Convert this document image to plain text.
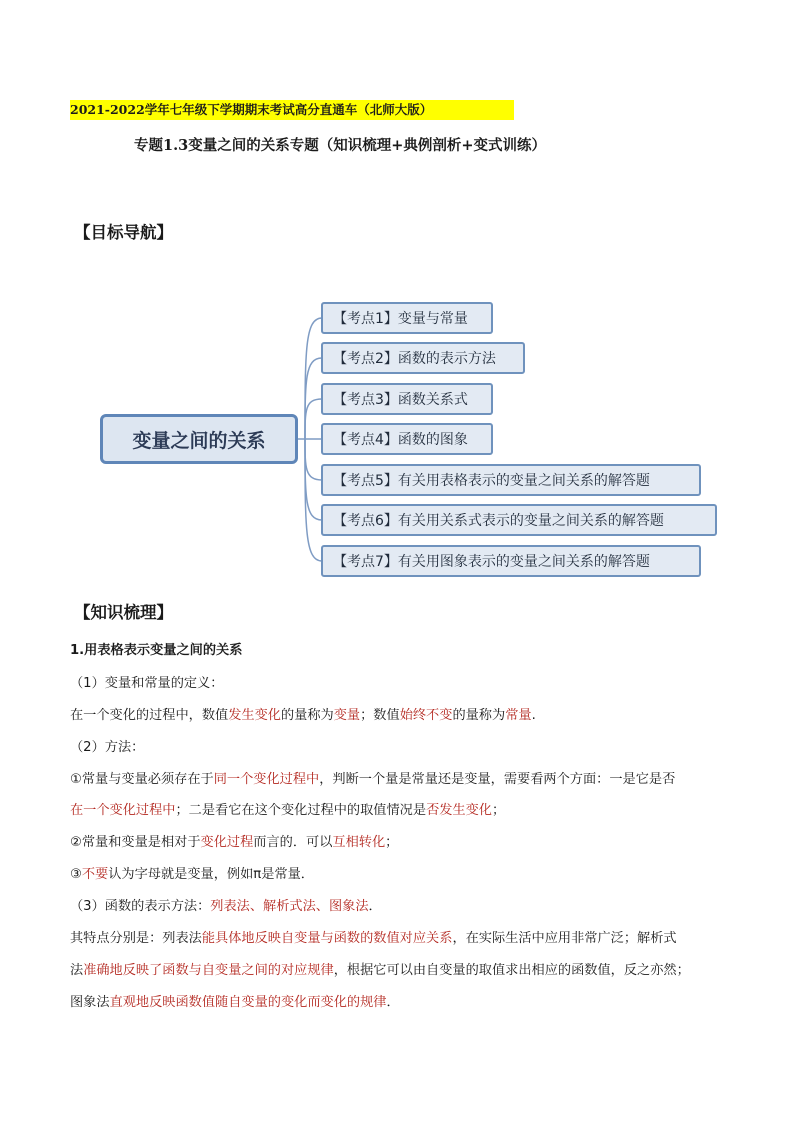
2021-2022学年七年级下学期期末考试高分直通车（北师大版）
专题1.3变量之间的关系专题（知识梳理+典例剖析+变式训练）
【目标导航】
变量之间的关系
【考点1】变量与常量
【考点2】函数的表示方法
【考点3】函数关系式
【考点4】函数的图象
【考点5】有关用表格表示的变量之间关系的解答题
【考点6】有关用关系式表示的变量之间关系的解答题
【考点7】有关用图象表示的变量之间关系的解答题
【知识梳理】
1.用表格表示变量之间的关系
（1）变量和常量的定义：
在一个变化的过程中，数值发生变化的量称为变量；数值始终不变的量称为常量.
（2）方法：
①常量与变量必须存在于同一个变化过程中，判断一个量是常量还是变量，需要看两个方面：一是它是否
在一个变化过程中；二是看它在这个变化过程中的取值情况是否发生变化；
②常量和变量是相对于变化过程而言的．可以互相转化；
③不要认为字母就是变量，例如π是常量．
（3）函数的表示方法：列表法、解析式法、图象法．
其特点分别是：列表法能具体地反映自变量与函数的数值对应关系，在实际生活中应用非常广泛；解析式
法准确地反映了函数与自变量之间的对应规律，根据它可以由自变量的取值求出相应的函数值，反之亦然；
图象法直观地反映函数值随自变量的变化而变化的规律．
